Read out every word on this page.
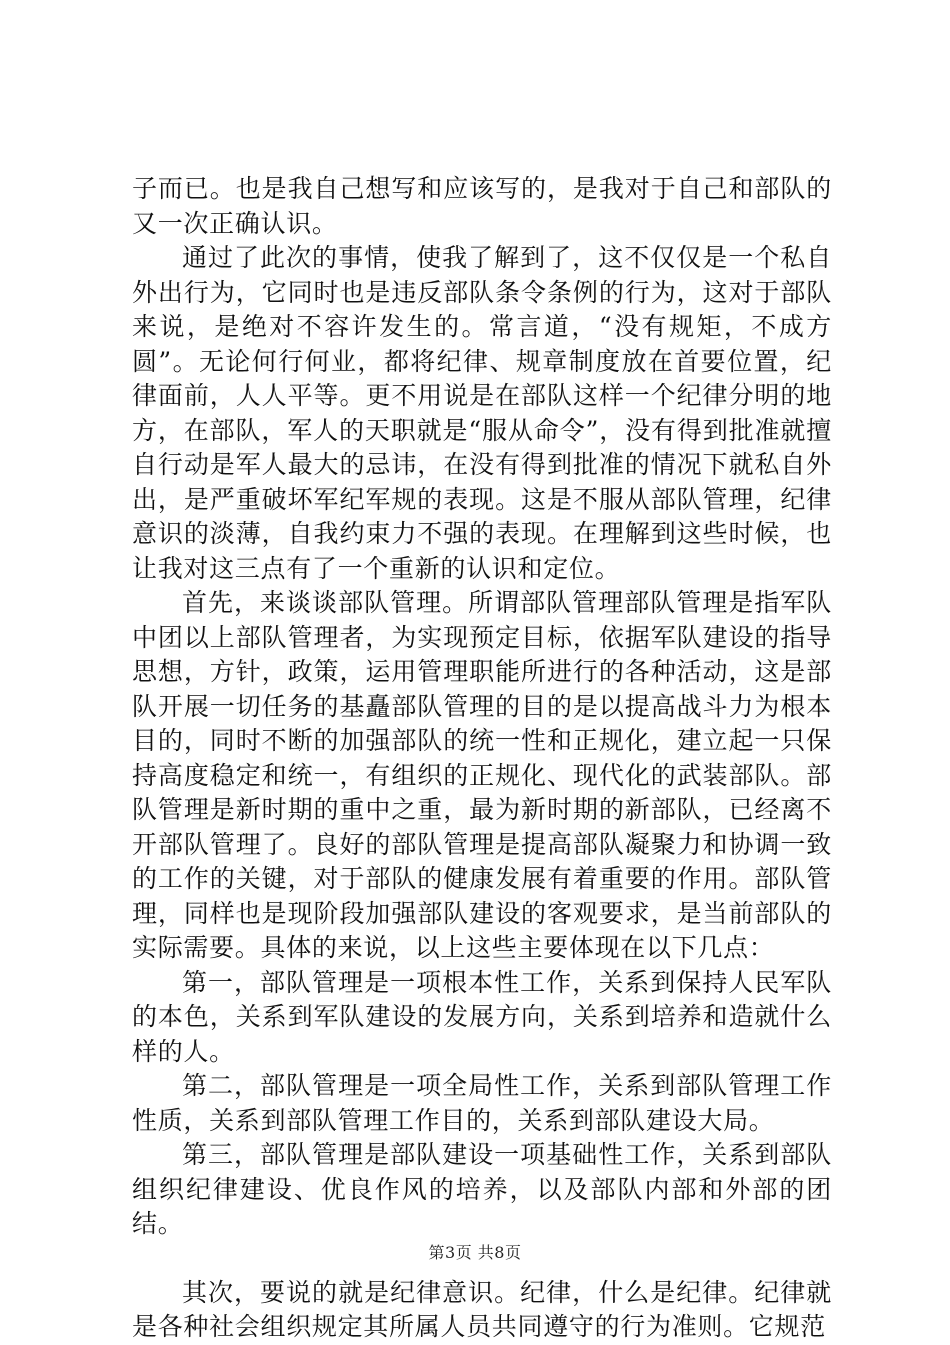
子而已。也是我自己想写和应该写的，是我对于自己和部队的又一次正确认识。

通过了此次的事情，使我了解到了，这不仅仅是一个私自外出行为，它同时也是违反部队条令条例的行为，这对于部队来说，是绝对不容许发生的。常言道，“没有规矩，不成方圆”。无论何行何业，都将纪律、规章制度放在首要位置，纪律面前，人人平等。更不用说是在部队这样一个纪律分明的地方，在部队，军人的天职就是“服从命令”，没有得到批准就擅自行动是军人最大的忌讳，在没有得到批准的情况下就私自外出，是严重破坏军纪军规的表现。这是不服从部队管理，纪律意识的淡薄，自我约束力不强的表现。在理解到这些时候，也让我对这三点有了一个重新的认识和定位。

首先，来谈谈部队管理。所谓部队管理部队管理是指军队中团以上部队管理者，为实现预定目标，依据军队建设的指导思想，方针，政策，运用管理职能所进行的各种活动，这是部队开展一切任务的基矗部队管理的目的是以提高战斗力为根本目的，同时不断的加强部队的统一性和正规化，建立起一只保持高度稳定和统一，有组织的正规化、现代化的武装部队。部队管理是新时期的重中之重，最为新时期的新部队，已经离不开部队管理了。良好的部队管理是提高部队凝聚力和协调一致的工作的关键，对于部队的健康发展有着重要的作用。部队管理，同样也是现阶段加强部队建设的客观要求，是当前部队的实际需要。具体的来说，以上这些主要体现在以下几点：

第一，部队管理是一项根本性工作，关系到保持人民军队的本色，关系到军队建设的发展方向，关系到培养和造就什么样的人。

第二，部队管理是一项全局性工作，关系到部队管理工作性质，关系到部队管理工作目的，关系到部队建设大局。

第三，部队管理是部队建设一项基础性工作，关系到部队组织纪律建设、优良作风的培养，以及部队内部和外部的团结。

其次，要说的就是纪律意识。纪律，什么是纪律。纪律就是各种社会组织规定其所属人员共同遵守的行为准则。它规范

第3页 共8页
